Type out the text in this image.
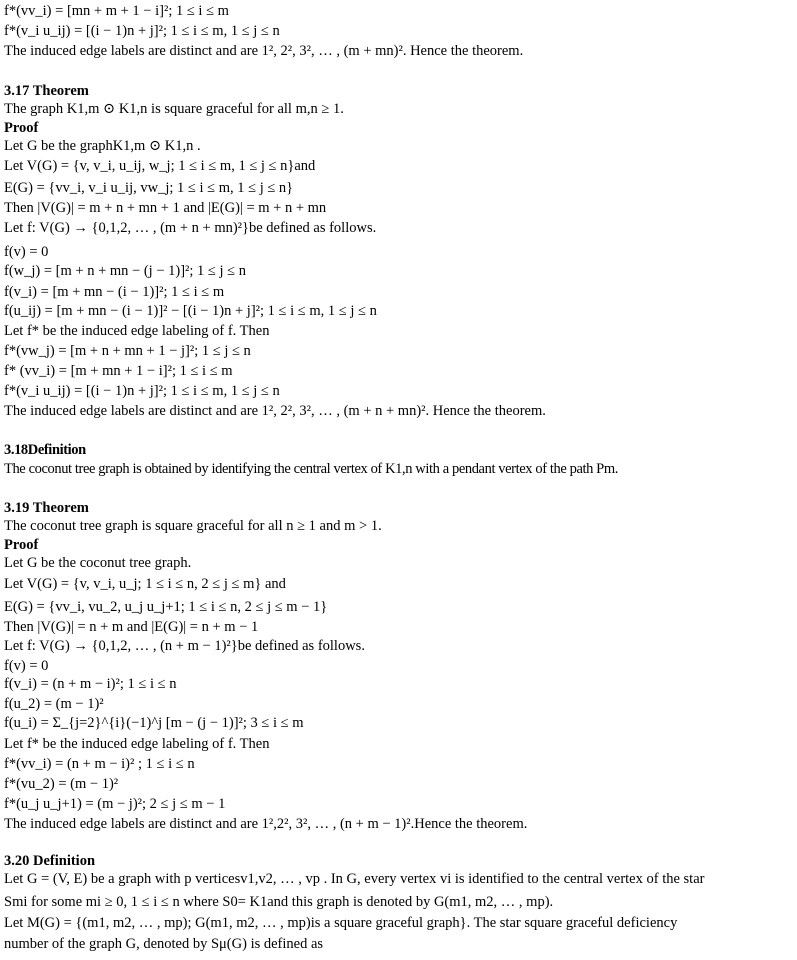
f*(vv_i) = [mn + m + 1 − i]²; 1 ≤ i ≤ m
f*(v_i u_ij) = [(i − 1)n + j]²; 1 ≤ i ≤ m, 1 ≤ j ≤ n
The induced edge labels are distinct and are 1², 2², 3², … , (m + mn)². Hence the theorem.
3.17 Theorem
The graph K1,m ⊙ K1,n is square graceful for all m,n ≥ 1.
Proof
Let G be the graphK1,m ⊙ K1,n .
Let V(G) = {v, v_i, u_ij, w_j; 1 ≤ i ≤ m, 1 ≤ j ≤ n}and
E(G) = {vv_i, v_i u_ij, vw_j; 1 ≤ i ≤ m, 1 ≤ j ≤ n}
Then |V(G)| = m + n + mn + 1 and |E(G)| = m + n + mn
Let f: V(G) → {0,1,2, … , (m + n + mn)²}be defined as follows.
f(v) = 0
f(w_j) = [m + n + mn − (j − 1)]²; 1 ≤ j ≤ n
f(v_i) = [m + mn − (i − 1)]²; 1 ≤ i ≤ m
f(u_ij) = [m + mn − (i − 1)]² − [(i − 1)n + j]²; 1 ≤ i ≤ m, 1 ≤ j ≤ n
Let f* be the induced edge labeling of f. Then
f*(vw_j) = [m + n + mn + 1 − j]²; 1 ≤ j ≤ n
f* (vv_i) = [m + mn + 1 − i]²; 1 ≤ i ≤ m
f*(v_i u_ij) = [(i − 1)n + j]²; 1 ≤ i ≤ m, 1 ≤ j ≤ n
The induced edge labels are distinct and are 1², 2², 3², … , (m + n + mn)². Hence the theorem.
3.18Definition
The coconut tree graph is obtained by identifying the central vertex of K1,n with a pendant vertex of the path Pm.
3.19 Theorem
The coconut tree graph is square graceful for all n ≥ 1 and m > 1.
Proof
Let G be the coconut tree graph.
Let V(G) = {v, v_i, u_j; 1 ≤ i ≤ n, 2 ≤ j ≤ m} and
E(G) = {vv_i, vu_2, u_j u_j+1; 1 ≤ i ≤ n, 2 ≤ j ≤ m − 1}
Then |V(G)| = n + m and |E(G)| = n + m − 1
Let f: V(G) → {0,1,2, … , (n + m − 1)²}be defined as follows.
f(v) = 0
f(v_i) = (n + m − i)²; 1 ≤ i ≤ n
f(u_2) = (m − 1)²
f(u_i) = Σ_{j=2}^{i}(−1)^j [m − (j − 1)]²; 3 ≤ i ≤ m
Let f* be the induced edge labeling of f. Then
f*(vv_i) = (n + m − i)² ; 1 ≤ i ≤ n
f*(vu_2) = (m − 1)²
f*(u_j u_j+1) = (m − j)²; 2 ≤ j ≤ m − 1
The induced edge labels are distinct and are 1²,2², 3², … , (n + m − 1)².Hence the theorem.
3.20 Definition
Let G = (V, E) be a graph with p verticesv1,v2, … , vp . In G, every vertex vi is identified to the central vertex of the star
Smi for some mi ≥ 0, 1 ≤ i ≤ n where S0= K1and this graph is denoted by G(m1, m2, … , mp).
Let M(G) = {(m1, m2, … , mp); G(m1, m2, … , mp)is a square graceful graph}. The star square graceful deficiency
number of the graph G, denoted by Sμ(G) is defined as
